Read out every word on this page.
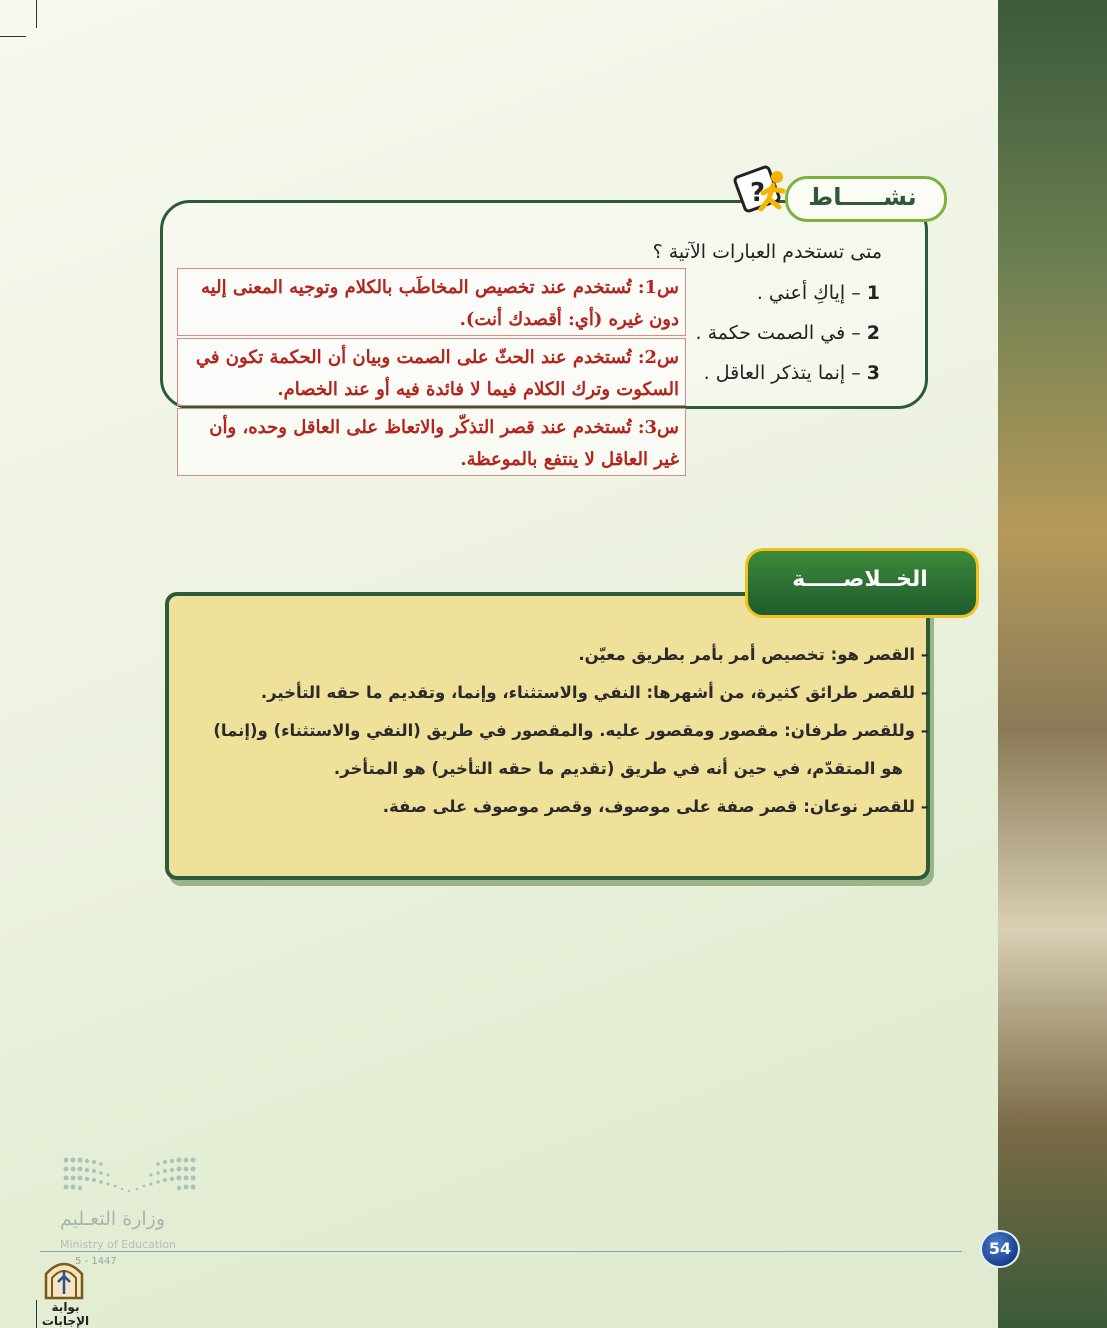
نشـــــاط
?
متى تستخدم العبارات الآتية ؟
1 – إياكِ أعني .
2 – في الصمت حكمة .
3 – إنما يتذكر العاقل .
س1: تُستخدم عند تخصيص المخاطَب بالكلام وتوجيه المعنى إليه دون غيره (أي: أقصدك أنت).
س2: تُستخدم عند الحثّ على الصمت وبيان أن الحكمة تكون في السكوت وترك الكلام فيما لا فائدة فيه أو عند الخصام.
س3: تُستخدم عند قصر التذكّر والاتعاظ على العاقل وحده، وأن غير العاقل لا ينتفع بالموعظة.
الخــلاصـــــة
– القصر هو: تخصيص أمر بأمر بطريق معيّن.
– للقصر طرائق كثيرة، من أشهرها: النفي والاستثناء، وإنما، وتقديم ما حقه التأخير.
– وللقصر طرفان: مقصور ومقصور عليه. والمقصور في طريق (النفي والاستثناء) و(إنما)
هو المتقدّم، في حين أنه في طريق (تقديم ما حقه التأخير) هو المتأخر.
– للقصر نوعان: قصر صفة على موصوف، وقصر موصوف على صفة.
وزارة التعـليم
Ministry of Education
5 - 1447
54
بوابة الإجابات
